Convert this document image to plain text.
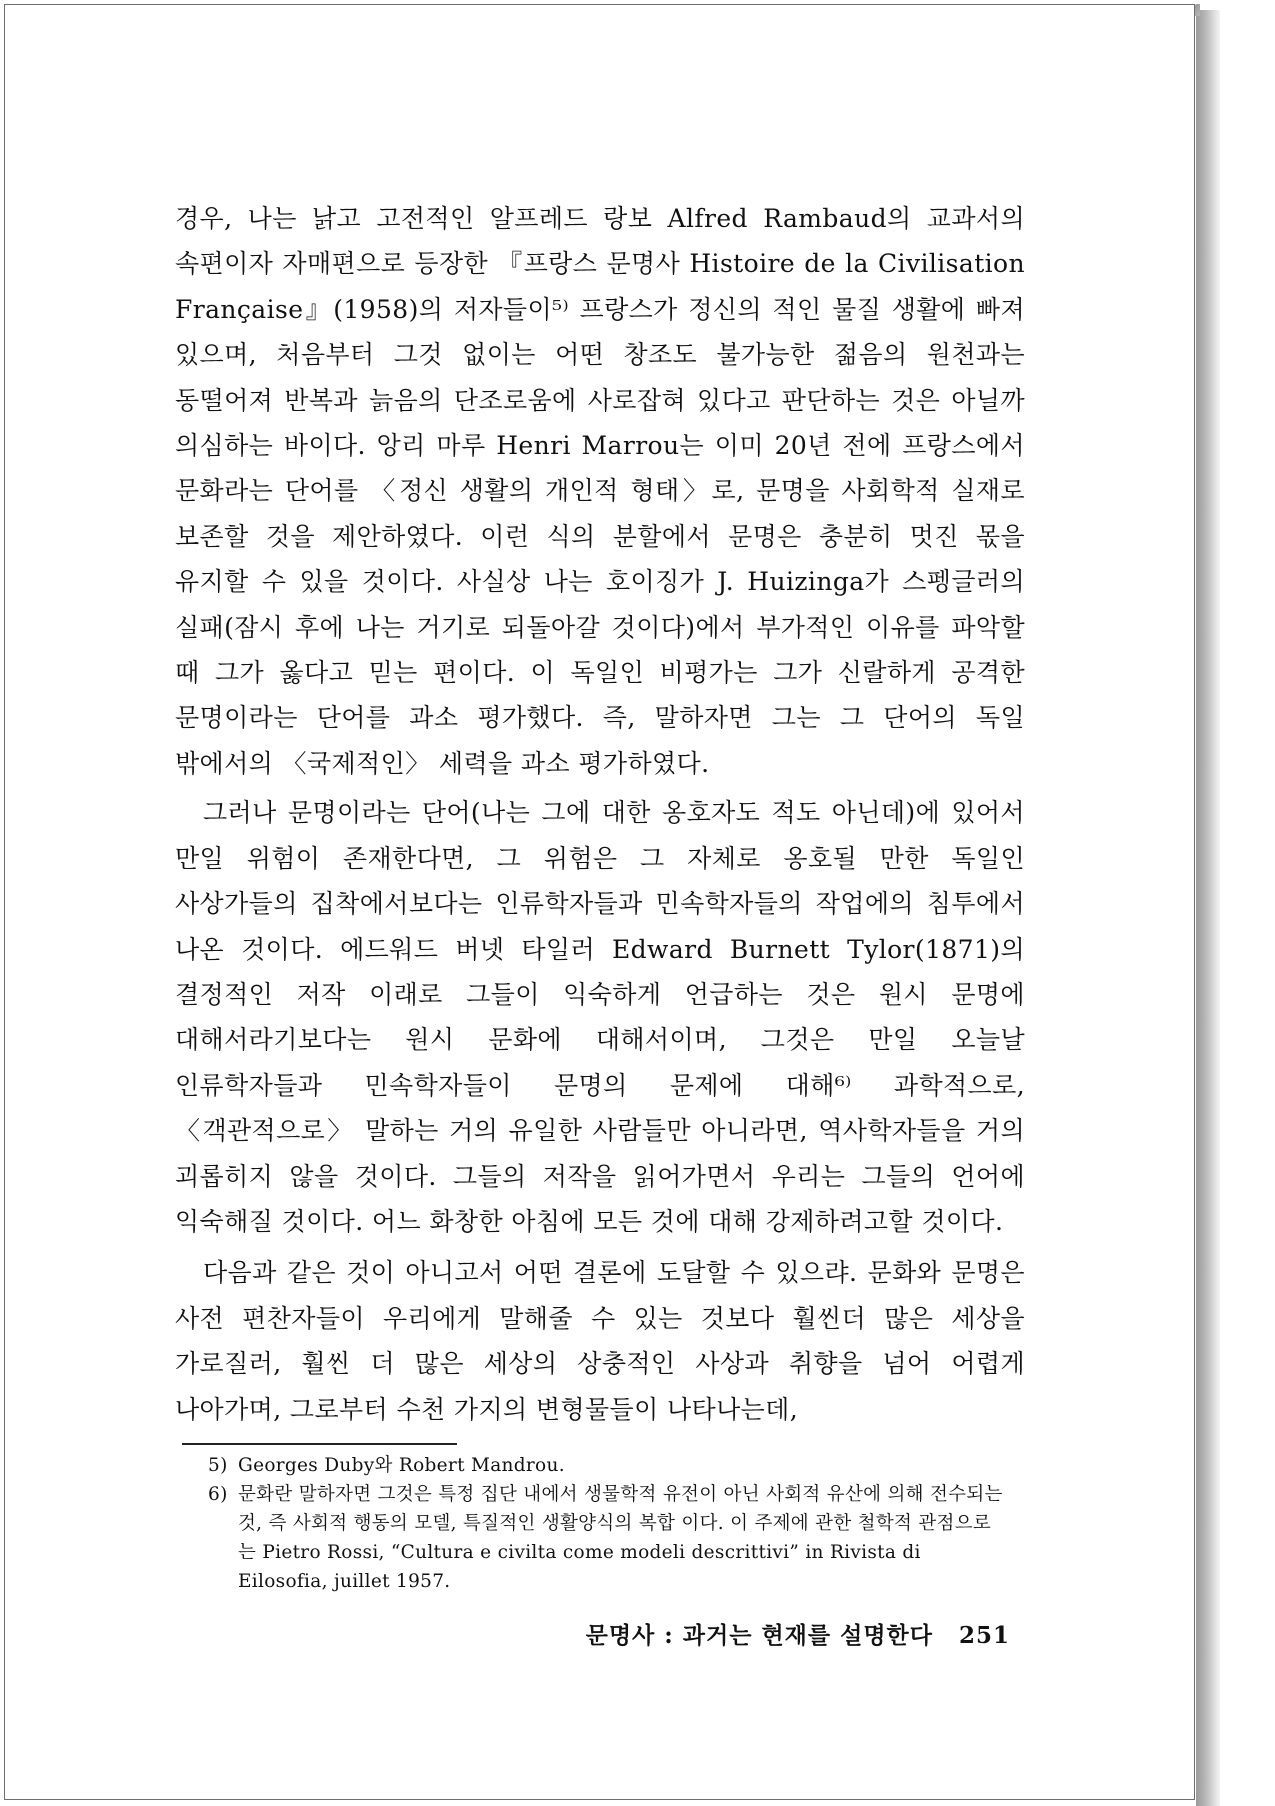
경우, 나는 낡고 고전적인 알프레드 랑보 Alfred Rambaud의 교과서의 속편이자 자매편으로 등장한 『프랑스 문명사 Histoire de la Civilisation Française』(1958)의 저자들이⁵⁾ 프랑스가 정신의 적인 물질 생활에 빠져 있으며, 처음부터 그것 없이는 어떤 창조도 불가능한 젊음의 원천과는 동떨어져 반복과 늙음의 단조로움에 사로잡혀 있다고 판단하는 것은 아닐까 의심하는 바이다. 앙리 마루 Henri Marrou는 이미 20년 전에 프랑스에서 문화라는 단어를 〈정신 생활의 개인적 형태〉로, 문명을 사회학적 실재로 보존할 것을 제안하였다. 이런 식의 분할에서 문명은 충분히 멋진 몫을 유지할 수 있을 것이다. 사실상 나는 호이징가 J. Huizinga가 스펭글러의 실패(잠시 후에 나는 거기로 되돌아갈 것이다)에서 부가적인 이유를 파악할 때 그가 옳다고 믿는 편이다. 이 독일인 비평가는 그가 신랄하게 공격한 문명이라는 단어를 과소 평가했다. 즉, 말하자면 그는 그 단어의 독일 밖에서의 〈국제적인〉 세력을 과소 평가하였다.

그러나 문명이라는 단어(나는 그에 대한 옹호자도 적도 아닌데)에 있어서 만일 위험이 존재한다면, 그 위험은 그 자체로 옹호될 만한 독일인 사상가들의 집착에서보다는 인류학자들과 민속학자들의 작업에의 침투에서 나온 것이다. 에드워드 버넷 타일러 Edward Burnett Tylor(1871)의 결정적인 저작 이래로 그들이 익숙하게 언급하는 것은 원시 문명에 대해서라기보다는 원시 문화에 대해서이며, 그것은 만일 오늘날 인류학자들과 민속학자들이 문명의 문제에 대해⁶⁾ 과학적으로, 〈객관적으로〉 말하는 거의 유일한 사람들만 아니라면, 역사학자들을 거의 괴롭히지 않을 것이다. 그들의 저작을 읽어가면서 우리는 그들의 언어에 익숙해질 것이다. 어느 화창한 아침에 모든 것에 대해 강제하려고할 것이다.

다음과 같은 것이 아니고서 어떤 결론에 도달할 수 있으랴. 문화와 문명은 사전 편찬자들이 우리에게 말해줄 수 있는 것보다 훨씬더 많은 세상을 가로질러, 훨씬 더 많은 세상의 상충적인 사상과 취향을 넘어 어렵게 나아가며, 그로부터 수천 가지의 변형물들이 나타나는데,

5) Georges Duby와 Robert Mandrou.

6) 문화란 말하자면 그것은 특정 집단 내에서 생물학적 유전이 아닌 사회적 유산에 의해 전수되는 것, 즉 사회적 행동의 모델, 특질적인 생활양식의 복합 이다. 이 주제에 관한 철학적 관점으로는 Pietro Rossi, “Cultura e civilta come modeli descrittivi” in Rivista di Eilosofia, juillet 1957.

문명사 : 과거는 현재를 설명한다 251
